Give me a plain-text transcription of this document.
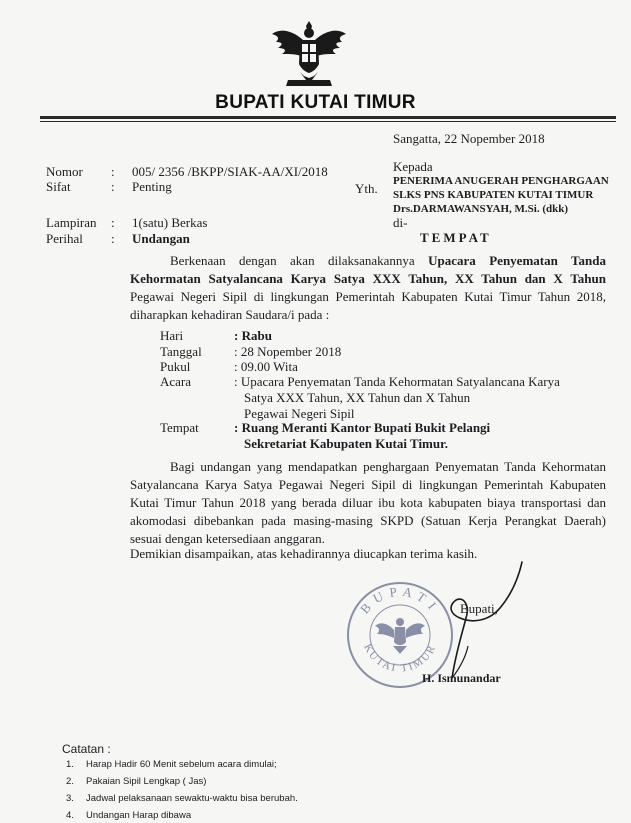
BUPATI KUTAI TIMUR
Sangatta, 22 Nopember 2018
Nomor	: 005/ 2356 /BKPP/SIAK-AA/XI/2018
Sifat	: Penting
Lampiran : 1(satu) Berkas
Perihal : Undangan
Kepada
Yth. PENERIMA ANUGERAH PENGHARGAAN
SLKS PNS KABUPATEN KUTAI TIMUR
Drs.DARMAWANSYAH, M.Si. (dkk)
di-
TEMPAT
Berkenaan dengan akan dilaksanakannya Upacara Penyematan Tanda Kehormatan Satyalancana Karya Satya XXX Tahun, XX Tahun dan X Tahun Pegawai Negeri Sipil di lingkungan Pemerintah Kabupaten Kutai Timur Tahun 2018, diharapkan kehadiran Saudara/i pada :
Hari	: Rabu
Tanggal : 28 Nopember 2018
Pukul	: 09.00 Wita
Acara	: Upacara Penyematan Tanda Kehormatan Satyalancana Karya
Satya XXX Tahun, XX Tahun dan X Tahun
Pegawai Negeri Sipil
Tempat	: Ruang Meranti Kantor Bupati Bukit Pelangi
Sekretariat Kabupaten Kutai Timur.
Bagi undangan yang mendapatkan penghargaan Penyematan Tanda Kehormatan Satyalancana Karya Satya Pegawai Negeri Sipil di lingkungan Pemerintah Kabupaten Kutai Timur Tahun 2018 yang berada diluar ibu kota kabupaten biaya transportasi dan akomodasi dibebankan pada masing-masing SKPD (Satuan Kerja Perangkat Daerah) sesuai dengan ketersediaan anggaran.
Demikian disampaikan, atas kehadirannya diucapkan terima kasih.
BUPATI
KUTAI TIMUR
Bupati,
H. Ismunandar
Catatan :
1. Harap Hadir 60 Menit sebelum acara dimulai;
2. Pakaian Sipil Lengkap ( Jas)
3. Jadwal pelaksanaan sewaktu-waktu bisa berubah.
4. Undangan Harap dibawa
